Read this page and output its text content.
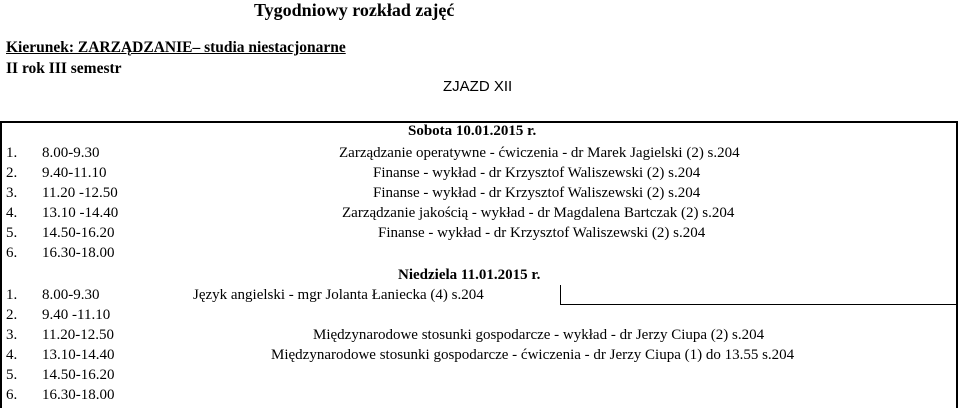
Tygodniowy rozkład zajęć
Kierunek: ZARZĄDZANIE– studia niestacjonarne
II rok III semestr
ZJAZD XII
Sobota 10.01.2015 r.
1. 8.00-9.30	Zarządzanie operatywne - ćwiczenia - dr Marek Jagielski (2) s.204
2. 9.40-11.10	Finanse - wykład - dr Krzysztof Waliszewski (2) s.204
3. 11.20 -12.50	Finanse - wykład - dr Krzysztof Waliszewski (2) s.204
4. 13.10 -14.40	Zarządzanie jakością - wykład - dr Magdalena Bartczak (2) s.204
5. 14.50-16.20	Finanse - wykład - dr Krzysztof Waliszewski (2) s.204
6. 16.30-18.00
Niedziela 11.01.2015 r.
1. 8.00-9.30	Język angielski - mgr Jolanta Łaniecka (4) s.204
2. 9.40 -11.10
3. 11.20-12.50	Międzynarodowe stosunki gospodarcze - wykład - dr Jerzy Ciupa (2) s.204
4. 13.10-14.40	Międzynarodowe stosunki gospodarcze - ćwiczenia - dr Jerzy Ciupa (1) do 13.55 s.204
5. 14.50-16.20
6. 16.30-18.00
